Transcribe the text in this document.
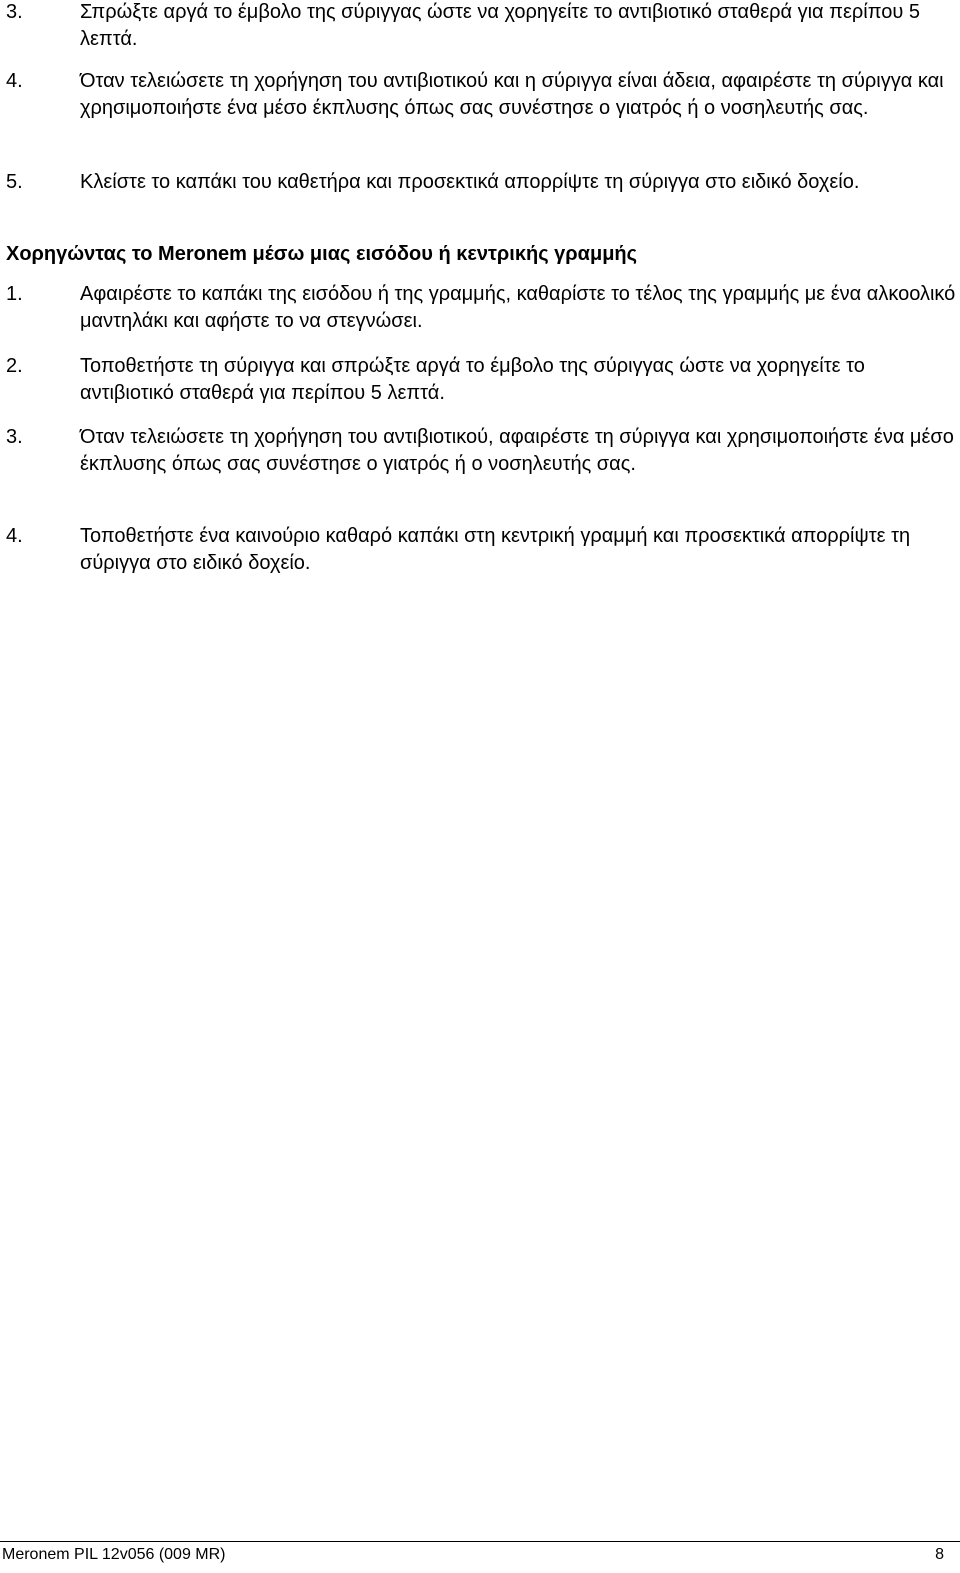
3.	Σπρώξτε αργά το έμβολο της σύριγγας ώστε να χορηγείτε το αντιβιοτικό σταθερά για περίπου 5 λεπτά.
4.	Όταν τελειώσετε τη χορήγηση του αντιβιοτικού και η σύριγγα είναι άδεια, αφαιρέστε τη σύριγγα και χρησιμοποιήστε ένα μέσο έκπλυσης όπως σας συνέστησε ο γιατρός ή ο νοσηλευτής σας.
5.	Κλείστε το καπάκι του καθετήρα και προσεκτικά απορρίψτε τη σύριγγα στο ειδικό δοχείο.
Χορηγώντας το Meronem μέσω μιας εισόδου ή κεντρικής γραμμής
1.	Αφαιρέστε το καπάκι της εισόδου ή της γραμμής, καθαρίστε το τέλος της γραμμής με ένα αλκοολικό μαντηλάκι και αφήστε το να στεγνώσει.
2.	Τοποθετήστε τη σύριγγα και σπρώξτε αργά το έμβολο της σύριγγας ώστε να χορηγείτε το αντιβιοτικό σταθερά για περίπου 5 λεπτά.
3.	Όταν τελειώσετε τη χορήγηση του αντιβιοτικού, αφαιρέστε τη σύριγγα και χρησιμοποιήστε ένα μέσο έκπλυσης όπως σας συνέστησε ο γιατρός ή ο νοσηλευτής σας.
4.	Τοποθετήστε ένα καινούριο καθαρό καπάκι στη κεντρική γραμμή και προσεκτικά απορρίψτε τη σύριγγα στο ειδικό δοχείο.
Meronem PIL 12v056 (009 MR)	8
